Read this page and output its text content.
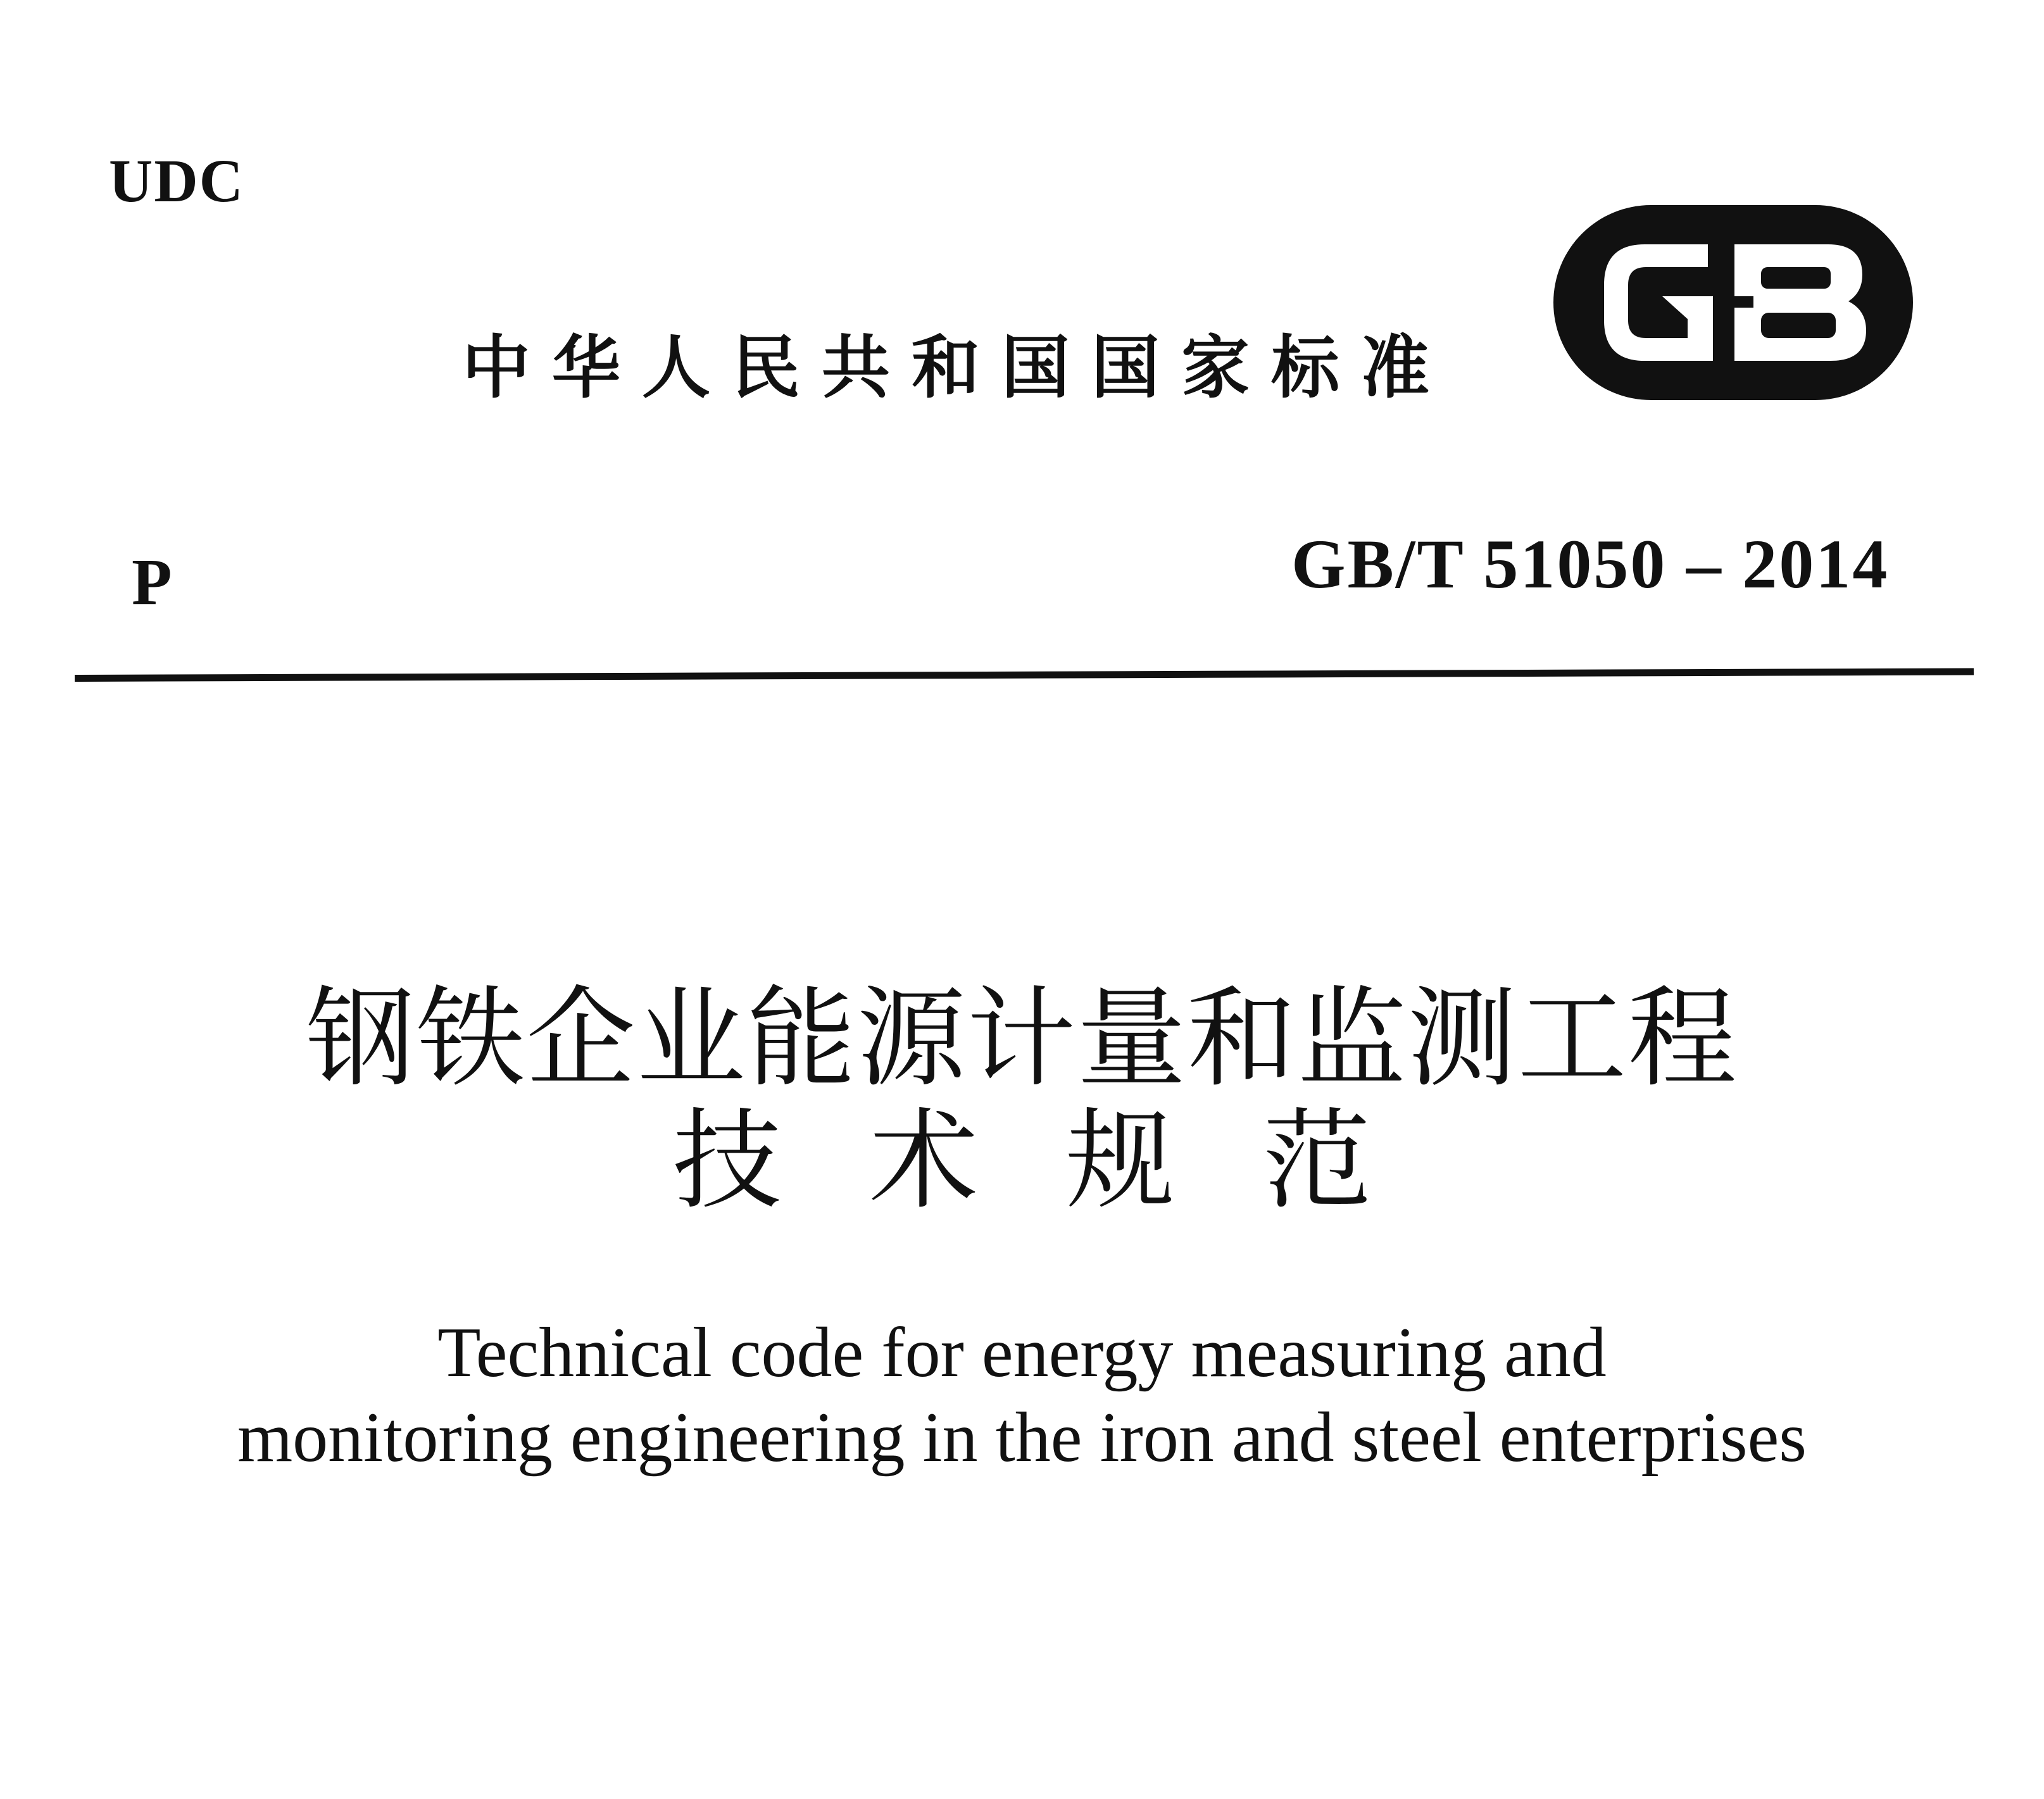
UDC
中华人民共和国国家标准
P	GB/T 51050 – 2014
钢铁企业能源计量和监测工程
技 术 规 范
Technical code for energy measuring and
monitoring engineering in the iron and steel enterprises
